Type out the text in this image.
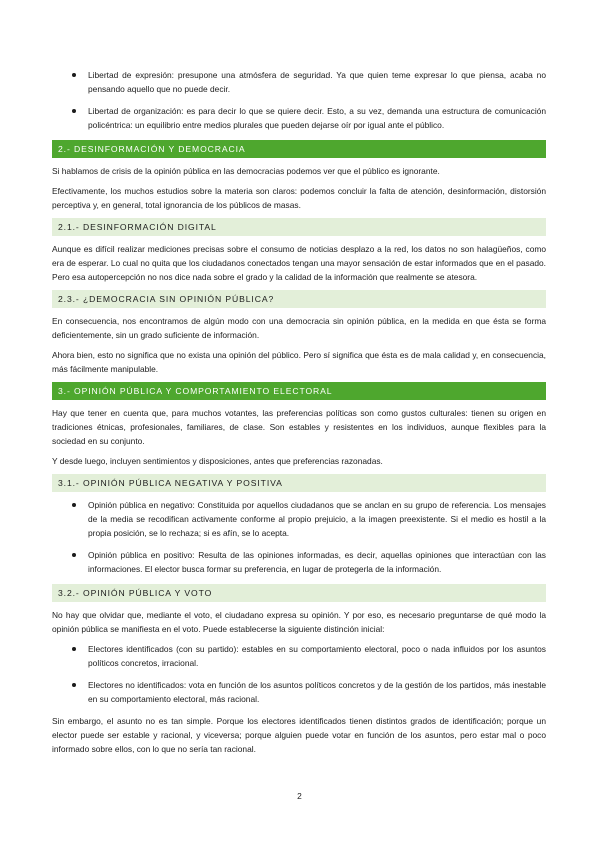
Libertad de expresión: presupone una atmósfera de seguridad. Ya que quien teme expresar lo que piensa, acaba no pensando aquello que no puede decir.
Libertad de organización: es para decir lo que se quiere decir. Esto, a su vez, demanda una estructura de comunicación policéntrica: un equilibrio entre medios plurales que pueden dejarse oír por igual ante el público.
2.- DESINFORMACIÓN Y DEMOCRACIA

Si hablamos de crisis de la opinión pública en las democracias podemos ver que el público es ignorante.

Efectivamente, los muchos estudios sobre la materia son claros: podemos concluir la falta de atención, desinformación, distorsión perceptiva y, en general, total ignorancia de los públicos de masas.

2.1.- DESINFORMACIÓN DIGITAL

Aunque es difícil realizar mediciones precisas sobre el consumo de noticias desplazo a la red, los datos no son halagüeños, como era de esperar. Lo cual no quita que los ciudadanos conectados tengan una mayor sensación de estar informados que en el pasado. Pero esa autopercepción no nos dice nada sobre el grado y la calidad de la información que realmente se atesora.

2.3.- ¿DEMOCRACIA SIN OPINIÓN PÚBLICA?

En consecuencia, nos encontramos de algún modo con una democracia sin opinión pública, en la medida en que ésta se forma deficientemente, sin un grado suficiente de información.

Ahora bien, esto no significa que no exista una opinión del público. Pero sí significa que ésta es de mala calidad y, en consecuencia, más fácilmente manipulable.

3.- OPINIÓN PÚBLICA Y COMPORTAMIENTO ELECTORAL

Hay que tener en cuenta que, para muchos votantes, las preferencias políticas son como gustos culturales: tienen su origen en tradiciones étnicas, profesionales, familiares, de clase. Son estables y resistentes en los individuos, aunque flexibles para la sociedad en su conjunto.

Y desde luego, incluyen sentimientos y disposiciones, antes que preferencias razonadas.

3.1.- OPINIÓN PÚBLICA NEGATIVA Y POSITIVA
Opinión pública en negativo: Constituida por aquellos ciudadanos que se anclan en su grupo de referencia. Los mensajes de la media se recodifican activamente conforme al propio prejuicio, a la imagen preexistente. Si el medio es hostil a la propia posición, se lo rechaza; si es afín, se lo acepta.
Opinión pública en positivo: Resulta de las opiniones informadas, es decir, aquellas opiniones que interactúan con las informaciones. El elector busca formar su preferencia, en lugar de protegerla de la información.
3.2.- OPINIÓN PÚBLICA Y VOTO

No hay que olvidar que, mediante el voto, el ciudadano expresa su opinión. Y por eso, es necesario preguntarse de qué modo la opinión pública se manifiesta en el voto. Puede establecerse la siguiente distinción inicial:

Electores identificados (con su partido): estables en su comportamiento electoral, poco o nada influidos por los asuntos políticos concretos, irracional.
Electores no identificados: vota en función de los asuntos políticos concretos y de la gestión de los partidos, más inestable en su comportamiento electoral, más racional.

Sin embargo, el asunto no es tan simple. Porque los electores identificados tienen distintos grados de identificación; porque un elector puede ser estable y racional, y viceversa; porque alguien puede votar en función de los asuntos, pero estar mal o poco informado sobre ellos, con lo que no sería tan racional.

2
